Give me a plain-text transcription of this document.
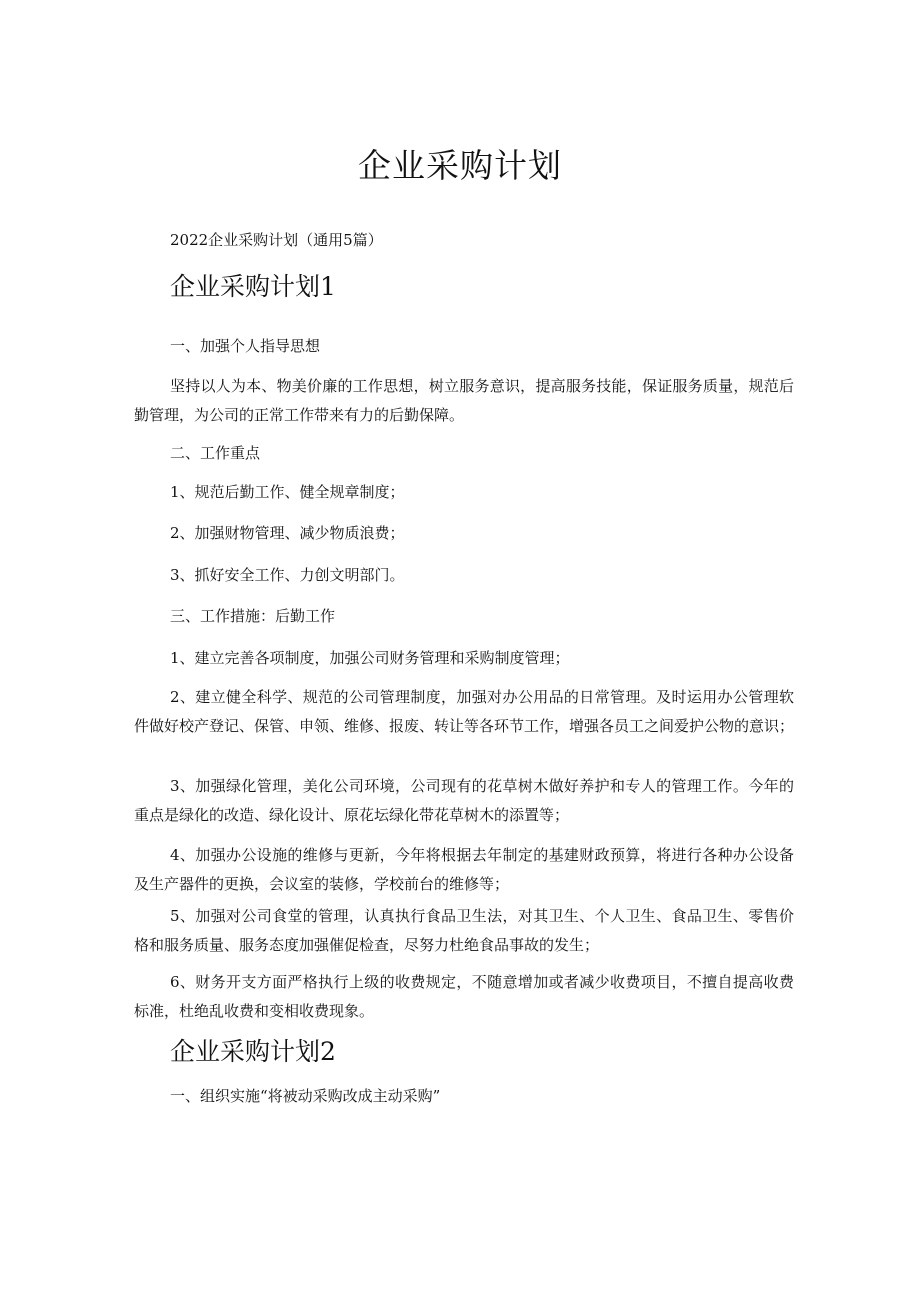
企业采购计划
2022企业采购计划（通用5篇）
企业采购计划1
一、加强个人指导思想
坚持以人为本、物美价廉的工作思想，树立服务意识，提高服务技能，保证服务质量，规范后勤管理，为公司的正常工作带来有力的后勤保障。
二、工作重点
1、规范后勤工作、健全规章制度；
2、加强财物管理、减少物质浪费；
3、抓好安全工作、力创文明部门。
三、工作措施：后勤工作
1、建立完善各项制度，加强公司财务管理和采购制度管理；
2、建立健全科学、规范的公司管理制度，加强对办公用品的日常管理。及时运用办公管理软件做好校产登记、保管、申领、维修、报废、转让等各环节工作，增强各员工之间爱护公物的意识；
3、加强绿化管理，美化公司环境，公司现有的花草树木做好养护和专人的管理工作。今年的重点是绿化的改造、绿化设计、原花坛绿化带花草树木的添置等；
4、加强办公设施的维修与更新，今年将根据去年制定的基建财政预算，将进行各种办公设备及生产器件的更换，会议室的装修，学校前台的维修等；
5、加强对公司食堂的管理，认真执行食品卫生法，对其卫生、个人卫生、食品卫生、零售价格和服务质量、服务态度加强催促检查，尽努力杜绝食品事故的发生；
6、财务开支方面严格执行上级的收费规定，不随意增加或者减少收费项目，不擅自提高收费标准，杜绝乱收费和变相收费现象。
企业采购计划2
一、组织实施“将被动采购改成主动采购”
